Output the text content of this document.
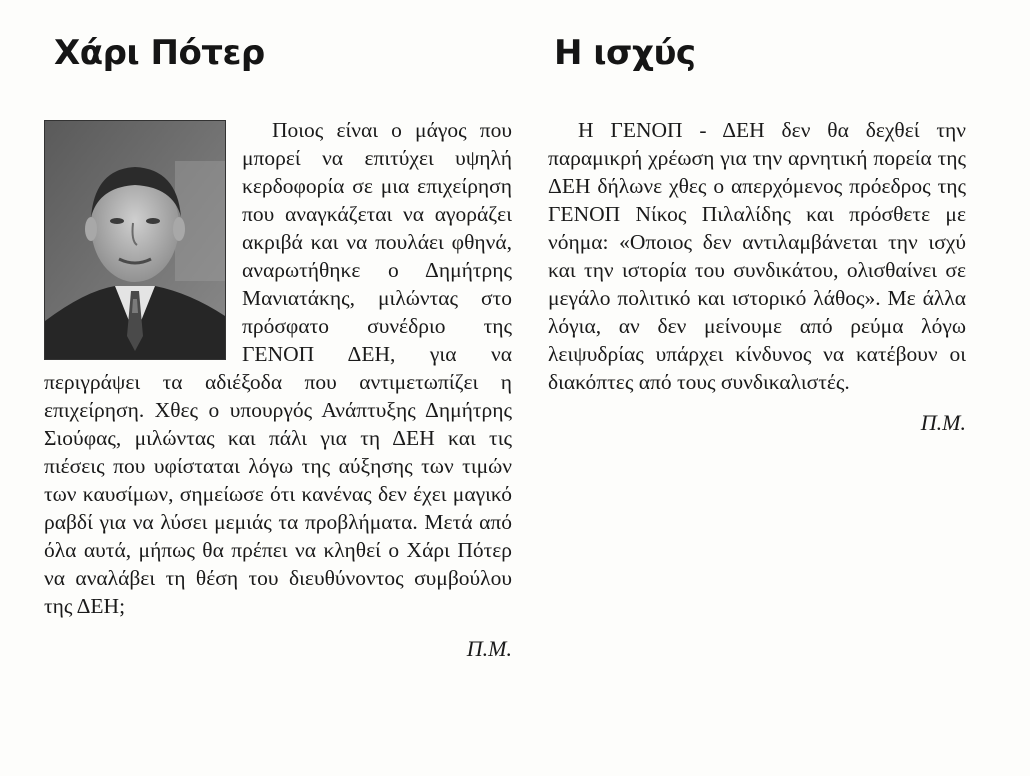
Χάρι Πότερ
Ποιος είναι ο μάγος που μπορεί να επιτύχει υψηλή κερδοφορία σε μια επιχείρηση που αναγκάζεται να αγοράζει ακριβά και να πουλάει φθηνά, αναρωτήθηκε ο Δημήτρης Μανιατάκης, μιλώντας στο πρόσφατο συνέδριο της ΓΕΝΟΠ ΔΕΗ, για να περιγράψει τα αδιέξοδα που αντιμετωπίζει η επιχείρηση. Χθες ο υπουργός Ανάπτυξης Δημήτρης Σιούφας, μιλώντας και πάλι για τη ΔΕΗ και τις πιέσεις που υφίσταται λόγω της αύξησης των τιμών των καυσίμων, σημείωσε ότι κανένας δεν έχει μαγικό ραβδί για να λύσει μεμιάς τα προβλήματα. Μετά από όλα αυτά, μήπως θα πρέπει να κληθεί ο Χάρι Πότερ να αναλάβει τη θέση του διευθύνοντος συμβούλου της ΔΕΗ;
Π.Μ.
Η ισχύς
Η ΓΕΝΟΠ - ΔΕΗ δεν θα δεχθεί την παραμικρή χρέωση για την αρνητική πορεία της ΔΕΗ δήλωνε χθες ο απερχόμενος πρόεδρος της ΓΕΝΟΠ Νίκος Πιλαλίδης και πρόσθετε με νόημα: «Οποιος δεν αντιλαμβάνεται την ισχύ και την ιστορία του συνδικάτου, ολισθαίνει σε μεγάλο πολιτικό και ιστορικό λάθος». Με άλλα λόγια, αν δεν μείνουμε από ρεύμα λόγω λειψυδρίας υπάρχει κίνδυνος να κατέβουν οι διακόπτες από τους συνδικαλιστές.
Π.Μ.
